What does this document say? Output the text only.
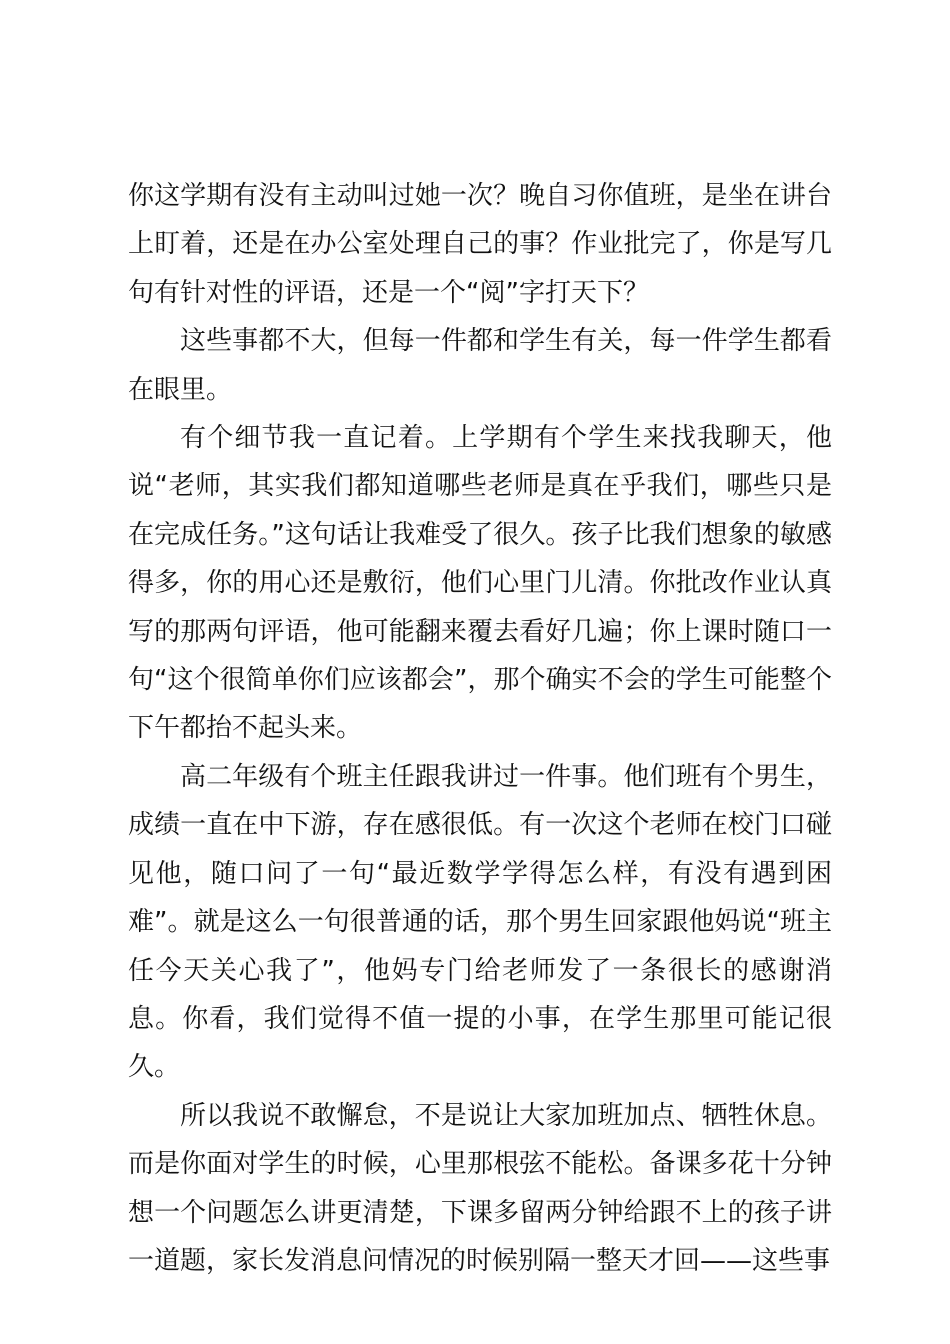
你这学期有没有主动叫过她一次？晚自习你值班，是坐在讲台上盯着，还是在办公室处理自己的事？作业批完了，你是写几句有针对性的评语，还是一个“阅”字打天下？

这些事都不大，但每一件都和学生有关，每一件学生都看在眼里。

有个细节我一直记着。上学期有个学生来找我聊天，他说“老师，其实我们都知道哪些老师是真在乎我们，哪些只是在完成任务。”这句话让我难受了很久。孩子比我们想象的敏感得多，你的用心还是敷衍，他们心里门儿清。你批改作业认真写的那两句评语，他可能翻来覆去看好几遍；你上课时随口一句“这个很简单你们应该都会”，那个确实不会的学生可能整个下午都抬不起头来。

高二年级有个班主任跟我讲过一件事。他们班有个男生，成绩一直在中下游，存在感很低。有一次这个老师在校门口碰见他，随口问了一句“最近数学学得怎么样，有没有遇到困难”。就是这么一句很普通的话，那个男生回家跟他妈说“班主任今天关心我了”，他妈专门给老师发了一条很长的感谢消息。你看，我们觉得不值一提的小事，在学生那里可能记很久。

所以我说不敢懈怠，不是说让大家加班加点、牺牲休息。而是你面对学生的时候，心里那根弦不能松。备课多花十分钟想一个问题怎么讲更清楚，下课多留两分钟给跟不上的孩子讲一道题，家长发消息问情况的时候别隔一整天才回——这些事
